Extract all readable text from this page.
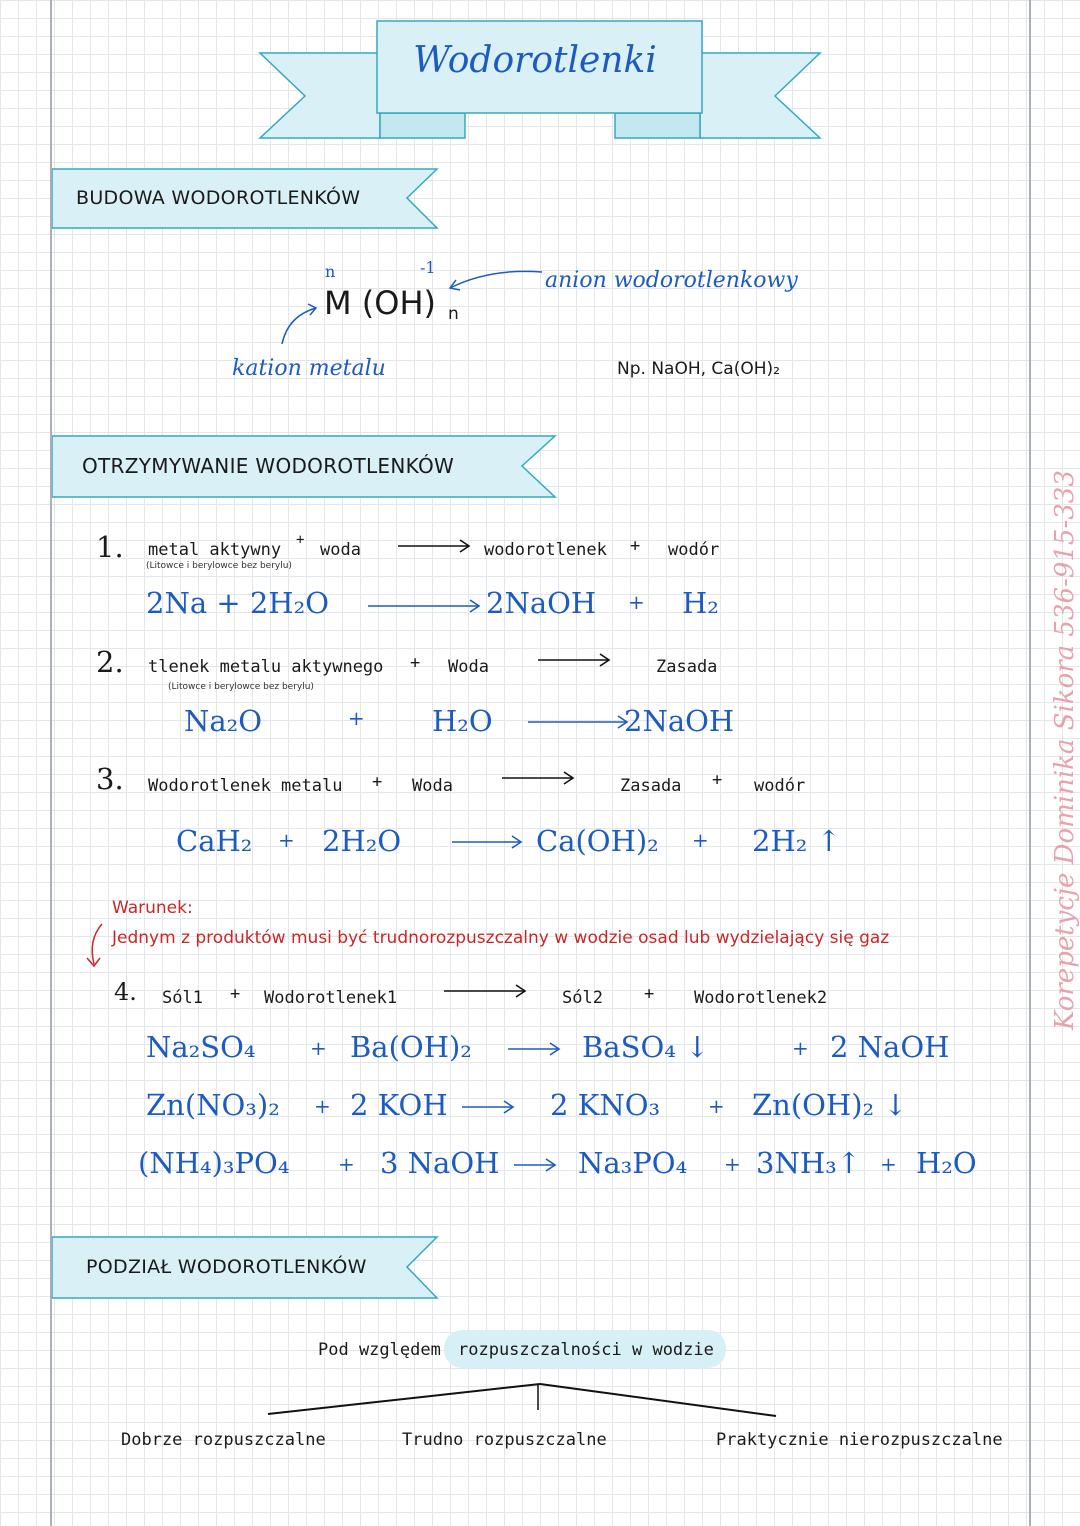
Wodorotlenki
BUDOWA WODOROTLENKÓW
n	-1
M (OH) n
anion wodorotlenkowy
kation metalu	Np. NaOH, Ca(OH)₂
OTRZYMYWANIE WODOROTLENKÓW
1. metal aktywny + woda
(Litowce i berylowce bez berylu)
wodorotlenek + wodór
2Na + 2H₂O	2NaOH + H₂
2. tlenek metalu aktywnego + Woda
(Litowce i berylowce bez berylu)
Zasada
Na₂O	+ H₂O	2NaOH
3. Wodorotlenek metalu + Woda	Zasada + wodór
CaH₂ + 2H₂O	Ca(OH)₂ + 2H₂ ↑
Warunek:
Jednym z produktów musi być trudnorozpuszczalny w wodzie osad lub wydzielający się gaz
4. Sól1 + Wodorotlenek1	Sól2 + Wodorotlenek2
Na₂SO₄	+ Ba(OH)₂	BaSO₄ ↓	+ 2 NaOH
Zn(NO₃)₂ + 2 KOH	2 KNO₃ + Zn(OH)₂ ↓
(NH₄)₃PO₄ + 3 NaOH	Na₃PO₄ + 3NH₃↑ + H₂O
PODZIAŁ WODOROTLENKÓW
Pod względem rozpuszczalności w wodzie
Dobrze rozpuszczalne	Trudno rozpuszczalne	Praktycznie nierozpuszczalne
Korepetycje Dominika Sikora 536-915-333
